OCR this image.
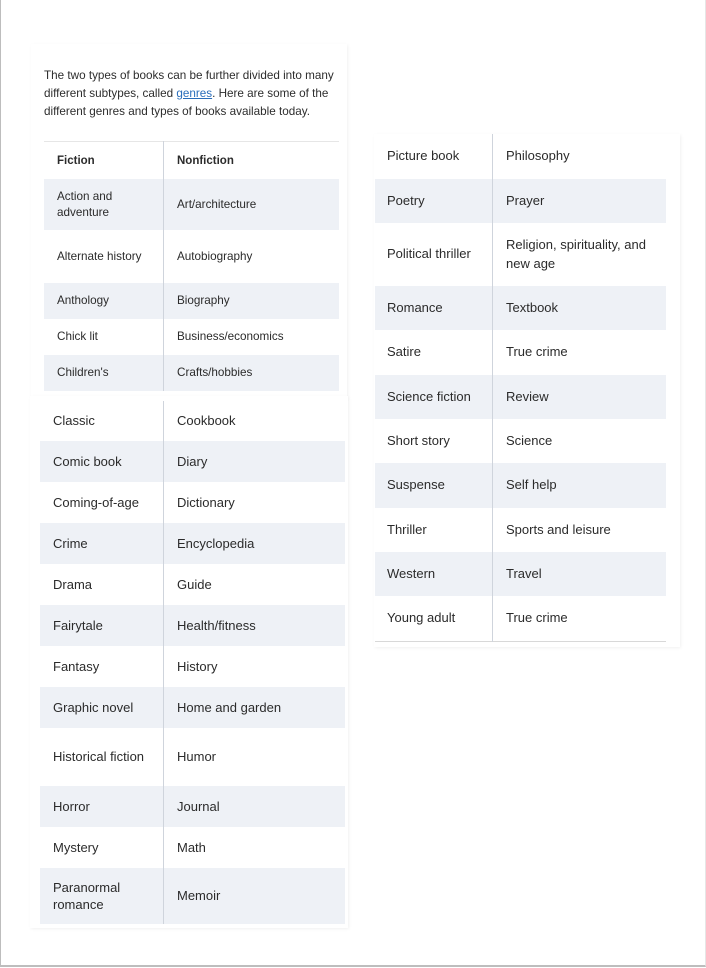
The two types of books can be further divided into many different subtypes, called genres. Here are some of the different genres and types of books available today.

Fiction	Nonfiction
Action and adventure	Art/architecture
Alternate history	Autobiography
Anthology	Biography
Chick lit	Business/economics
Children's	Crafts/hobbies
Classic	Cookbook
Comic book	Diary
Coming-of-age	Dictionary
Crime	Encyclopedia
Drama	Guide
Fairytale	Health/fitness
Fantasy	History
Graphic novel	Home and garden
Historical fiction	Humor
Horror	Journal
Mystery	Math
Paranormal romance	Memoir
Picture book	Philosophy
Poetry	Prayer
Political thriller	Religion, spirituality, and new age
Romance	Textbook
Satire	True crime
Science fiction	Review
Short story	Science
Suspense	Self help
Thriller	Sports and leisure
Western	Travel
Young adult	True crime
